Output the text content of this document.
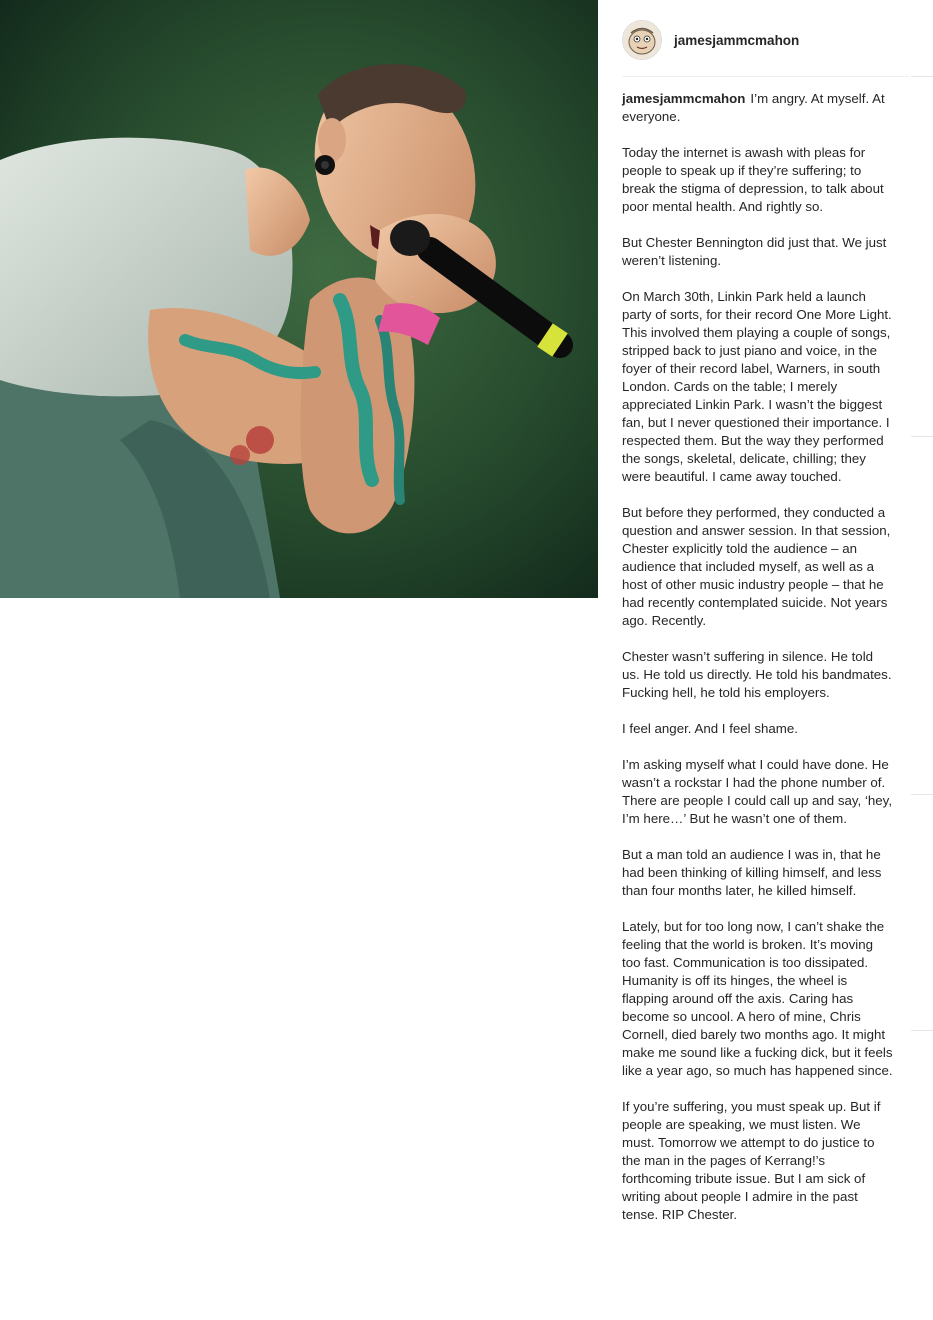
jamesjammcmahon

jamesjammcmahon I’m angry. At myself. At everyone.

Today the internet is awash with pleas for people to speak up if they’re suffering; to break the stigma of depression, to talk about poor mental health. And rightly so.

But Chester Bennington did just that. We just weren’t listening.

On March 30th, Linkin Park held a launch party of sorts, for their record One More Light. This involved them playing a couple of songs, stripped back to just piano and voice, in the foyer of their record label, Warners, in south London. Cards on the table; I merely appreciated Linkin Park. I wasn’t the biggest fan, but I never questioned their importance. I respected them. But the way they performed the songs, skeletal, delicate, chilling; they were beautiful. I came away touched.

But before they performed, they conducted a question and answer session. In that session, Chester explicitly told the audience – an audience that included myself, as well as a host of other music industry people – that he had recently contemplated suicide. Not years ago. Recently.

Chester wasn’t suffering in silence. He told us. He told us directly. He told his bandmates. Fucking hell, he told his employers.

I feel anger. And I feel shame.

I’m asking myself what I could have done. He wasn’t a rockstar I had the phone number of. There are people I could call up and say, ‘hey, I’m here…’ But he wasn’t one of them.

But a man told an audience I was in, that he had been thinking of killing himself, and less than four months later, he killed himself.

Lately, but for too long now, I can’t shake the feeling that the world is broken. It’s moving too fast. Communication is too dissipated. Humanity is off its hinges, the wheel is flapping around off the axis. Caring has become so uncool. A hero of mine, Chris Cornell, died barely two months ago. It might make me sound like a fucking dick, but it feels like a year ago, so much has happened since.

If you’re suffering, you must speak up. But if people are speaking, we must listen. We must. Tomorrow we attempt to do justice to the man in the pages of Kerrang!’s forthcoming tribute issue. But I am sick of writing about people I admire in the past tense. RIP Chester.
